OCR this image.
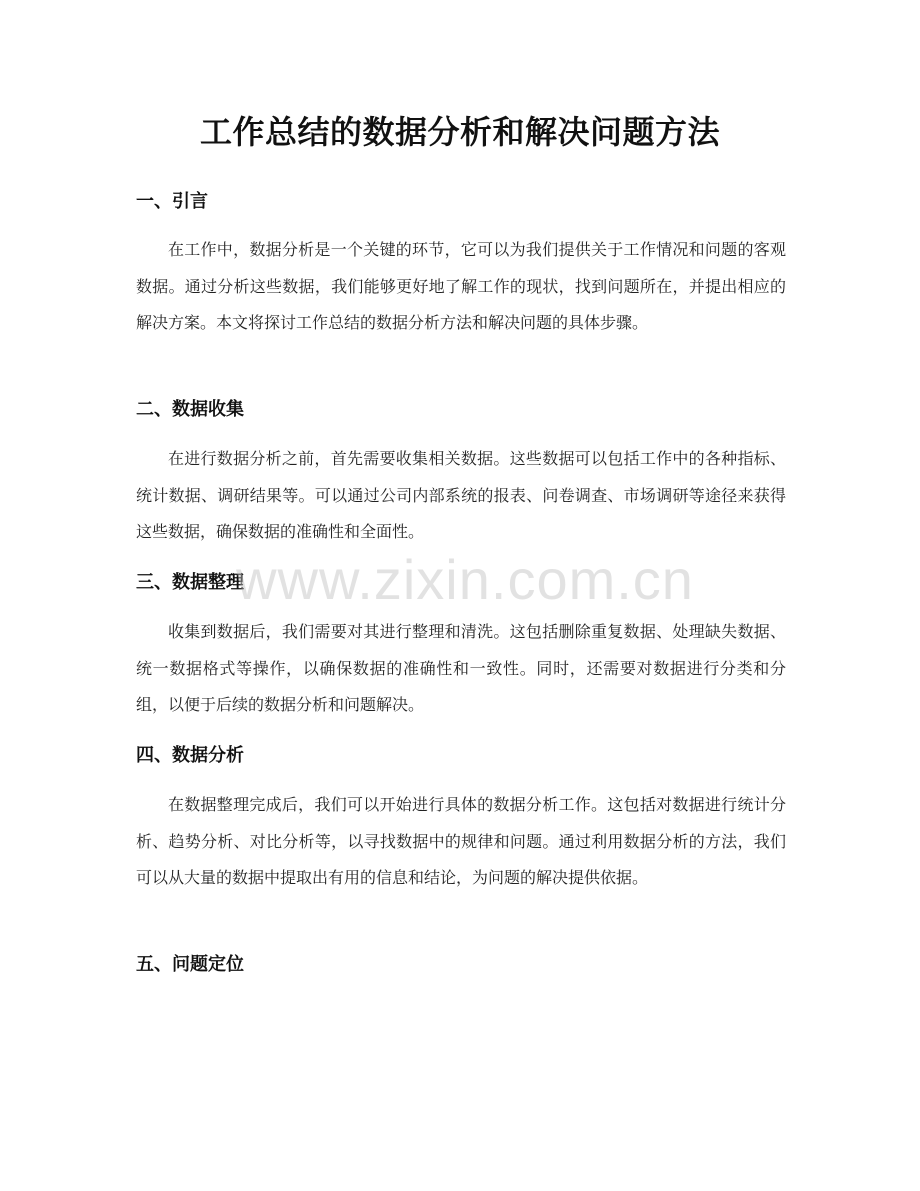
工作总结的数据分析和解决问题方法
一、引言

在工作中，数据分析是一个关键的环节，它可以为我们提供关于工作情况和问题的客观数据。通过分析这些数据，我们能够更好地了解工作的现状，找到问题所在，并提出相应的解决方案。本文将探讨工作总结的数据分析方法和解决问题的具体步骤。

二、数据收集

在进行数据分析之前，首先需要收集相关数据。这些数据可以包括工作中的各种指标、统计数据、调研结果等。可以通过公司内部系统的报表、问卷调查、市场调研等途径来获得这些数据，确保数据的准确性和全面性。

三、数据整理

收集到数据后，我们需要对其进行整理和清洗。这包括删除重复数据、处理缺失数据、统一数据格式等操作，以确保数据的准确性和一致性。同时，还需要对数据进行分类和分组，以便于后续的数据分析和问题解决。

四、数据分析

在数据整理完成后，我们可以开始进行具体的数据分析工作。这包括对数据进行统计分析、趋势分析、对比分析等，以寻找数据中的规律和问题。通过利用数据分析的方法，我们可以从大量的数据中提取出有用的信息和结论，为问题的解决提供依据。

五、问题定位
www.zixin.com.cn
